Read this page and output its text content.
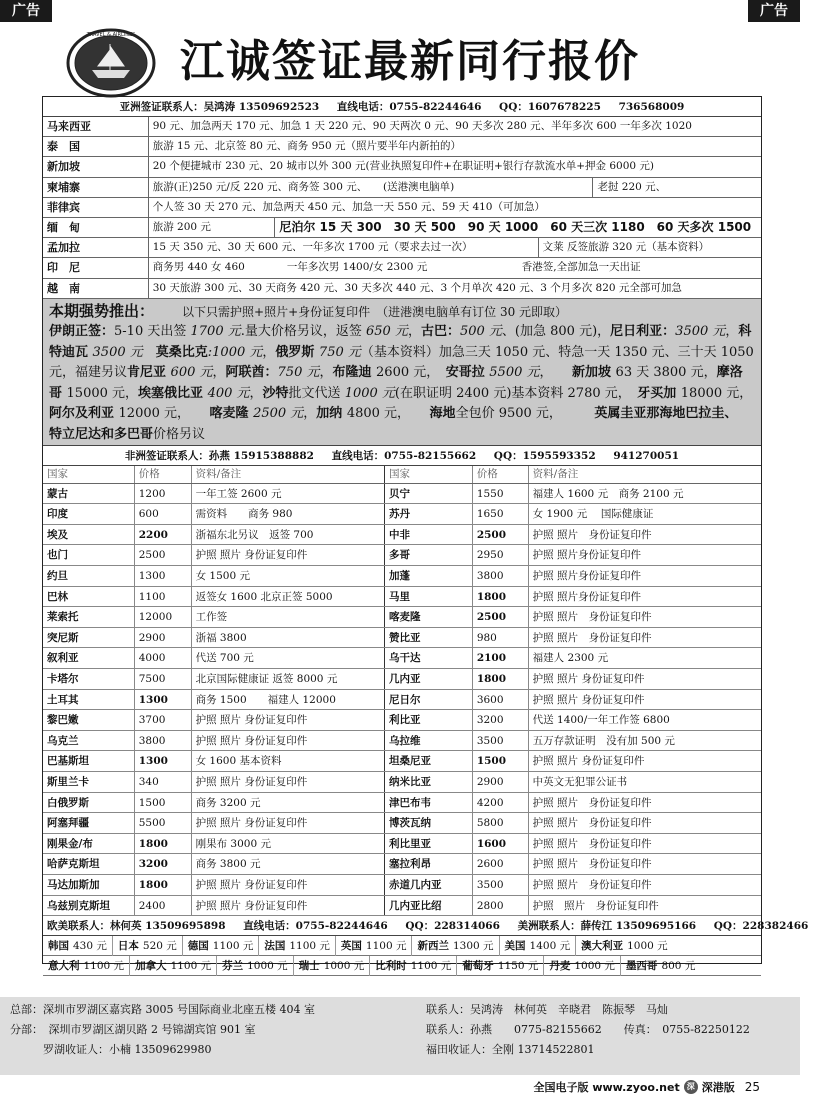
广告	广告
TRAVEL & AIRLINES
江诚签证最新同行报价
亚洲签证联系人：吴鸿涛 13509692523 直线电话：0755-82244646 QQ：1607678225 736568009
马来西亚	90 元、加急两天 170 元、加急 1 天 220 元、90 天两次 0 元、90 天多次 280 元、半年多次 600 一年多次 1020
泰　国	旅游 15 元、北京签 80 元、商务 950 元（照片要半年内新拍的）
新加坡	20 个便捷城市 230 元、20 城市以外 300 元(营业执照复印件+在职证明+银行存款流水单+押金 6000 元)
柬埔寨	旅游(正)250 元/反 220 元、商务签 300 元、　　(送港澳电脑单)	老挝 220 元、
菲律宾	个人签 30 天 270 元、加急两天 450 元、加急一天 550 元、59 天 410（可加急）
缅　甸	旅游 200 元	尼泊尔 15 天 300　30 天 500　90 天 1000　60 天三次 1180　60 天多次 1500
孟加拉	15 天 350 元、30 天 600 元、一年多次 1700 元（要求去过一次）	文莱 反签旅游 320 元（基本资料）
印　尼	商务男 440 女 460　　　　一年多次男 1400/女 2300 元　　　　　　　　　香港签,全部加急一天出证
越　南	30 天旅游 300 元、30 天商务 420 元、30 天多次 440 元、3 个月单次 420 元、3 个月多次 820 元全部可加急
本期强势推出： 以下只需护照+照片+身份证复印件　（进港澳电脑单有订位 30 元即取）
伊朗正签：5-10 天出签 1700 元.量大价格另议，返签 650 元，古巴：500 元、(加急 800 元)，尼日利亚：3500 元，科特迪瓦 3500 元　莫桑比克:1000 元，俄罗斯 750 元（基本资料）加急三天 1050 元、特急一天 1350 元、三十天 1050 元，福建另议肯尼亚 600 元，阿联酋：750 元，布隆迪 2600 元，　安哥拉 5500 元，　　新加坡 63 天 3800 元，摩洛哥 15000 元，埃塞俄比亚 400 元，沙特批文代送 1000 元(在职证明 2400 元)基本资料 2780 元，　牙买加 18000 元，　阿尔及利亚 12000 元，　　喀麦隆 2500 元，加纳 4800 元，　　海地全包价 9500 元，　　　英属圭亚那海地巴拉圭、　特立尼达和多巴哥价格另议
非洲签证联系人：孙燕 15915388882 直线电话：0755-82155662 QQ：1595593352 941270051
国家	价格	资料/备注	国家	价格	资料/备注
蒙古	1200	一年工签 2600 元	贝宁	1550	福建人 1600 元　商务 2100 元
印度	600	需资料　　商务 980	苏丹	1650	女 1900 元　 国际健康证
埃及	2200	浙福东北另议　返签 700	中非	2500	护照 照片　身份证复印件
也门	2500	护照 照片 身份证复印件	多哥	2950	护照 照片身份证复印件
约旦	1300	女 1500 元	加蓬	3800	护照 照片身份证复印件
巴林	1100	返签女 1600 北京正签 5000	马里	1800	护照 照片身份证复印件
莱索托	12000	工作签	喀麦隆	2500	护照 照片　身份证复印件
突尼斯	2900	浙福 3800	赞比亚	980	护照 照片　身份证复印件
叙利亚	4000	代送 700 元	乌干达	2100	福建人 2300 元
卡塔尔	7500	北京国际健康证 返签 8000 元	几内亚	1800	护照 照片 身份证复印件
土耳其	1300	商务 1500　　福建人 12000	尼日尔	3600	护照 照片 身份证复印件
黎巴嫩	3700	护照 照片 身份证复印件	利比亚	3200	代送 1400/一年工作签 6800
乌克兰	3800	护照 照片 身份证复印件	乌拉维	3500	五万存款证明　没有加 500 元
巴基斯坦	1300	女 1600 基本资料	坦桑尼亚	1500	护照 照片 身份证复印件
斯里兰卡	340	护照 照片 身份证复印件	纳米比亚	2900	中英文无犯罪公证书
白俄罗斯	1500	商务 3200 元	津巴布韦	4200	护照 照片　身份证复印件
阿塞拜疆	5500	护照 照片 身份证复印件	博茨瓦纳	5800	护照 照片　身份证复印件
刚果金/布	1800	刚果布 3000 元	利比里亚	1600	护照 照片　身份证复印件
哈萨克斯坦	3200	商务 3800 元	塞拉利昂	2600	护照 照片　身份证复印件
马达加斯加	1800	护照 照片 身份证复印件	赤道几内亚	3500	护照 照片　身份证复印件
乌兹别克斯坦	2400	护照 照片 身份证复印件	几内亚比绍	2800	护照　照片　身份证复印件
欧美联系人：林何英 13509695898 直线电话：0755-82244646 QQ：228314066 美洲联系人：薛传江 13509695166 QQ：228382466
韩国 430 元	日本 520 元	德国 1100 元	法国 1100 元	英国 1100 元	新西兰 1300 元	美国 1400 元	澳大利亚 1000 元
意大利 1100 元	加拿大 1100 元	芬兰 1000 元	瑞士 1000 元	比利时 1100 元	葡萄牙 1150 元	丹麦 1000 元	墨西哥 800 元
总部：深圳市罗湖区嘉宾路 3005 号国际商业北座五楼 404 室	联系人：吴鸿涛　林何英　辛晓君　陈振琴　马灿
分部：　深圳市罗湖区湖贝路 2 号锦湖宾馆 901 室	联系人：孙燕　　0775-82155662　　传真：　0755-82250122
　　　罗湖收证人：小楠 13509629980	福田收证人：全刚 13714522801
全国电子版 www.zyoo.net 深 深港版 25
